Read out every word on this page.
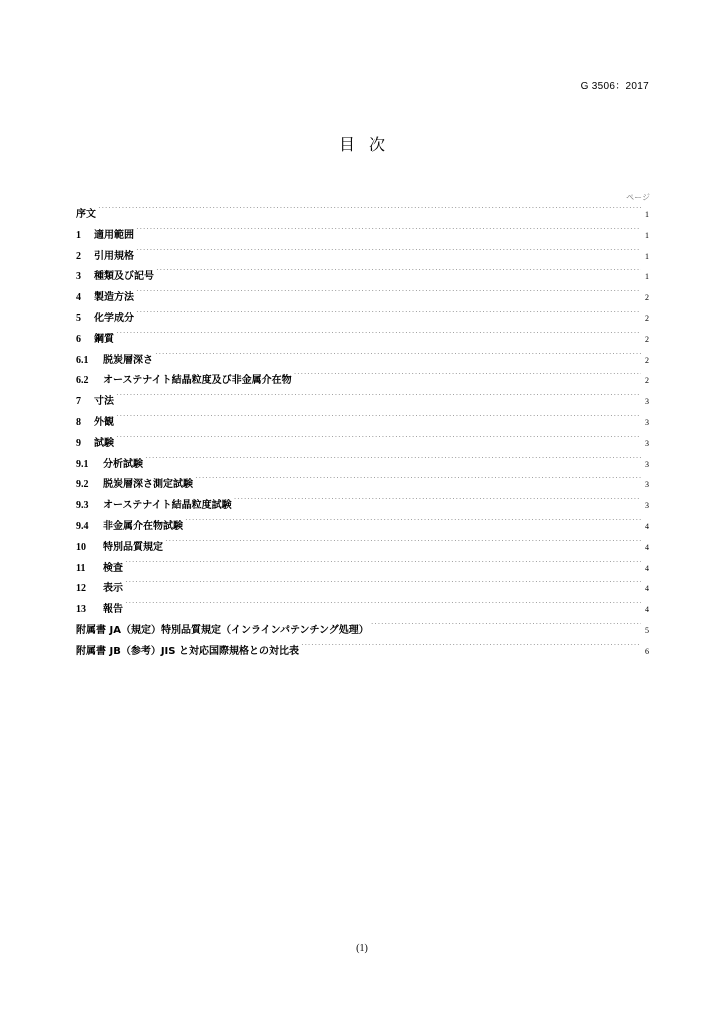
G 3506：2017
目次
ページ
序文 ·····	1
1	適用範囲 ·····	1
2	引用規格 ·····	1
3	種類及び記号 ·····	1
4	製造方法 ·····	2
5	化学成分 ·····	2
6	鋼質 ·····	2
6.1	脱炭層深さ ·····	2
6.2	オーステナイト結晶粒度及び非金属介在物 ·····	2
7	寸法 ·····	3
8	外観 ·····	3
9	試験 ·····	3
9.1	分析試験 ·····	3
9.2	脱炭層深さ測定試験 ·····	3
9.3	オーステナイト結晶粒度試験 ·····	3
9.4	非金属介在物試験 ·····	4
10	特別品質規定 ·····	4
11	検査 ·····	4
12	表示 ·····	4
13	報告 ·····	4
附属書 JA（規定）特別品質規定（インラインパテンチング処理） ·····	5
附属書 JB（参考）JIS と対応国際規格との対比表 ·····	6
(1)
